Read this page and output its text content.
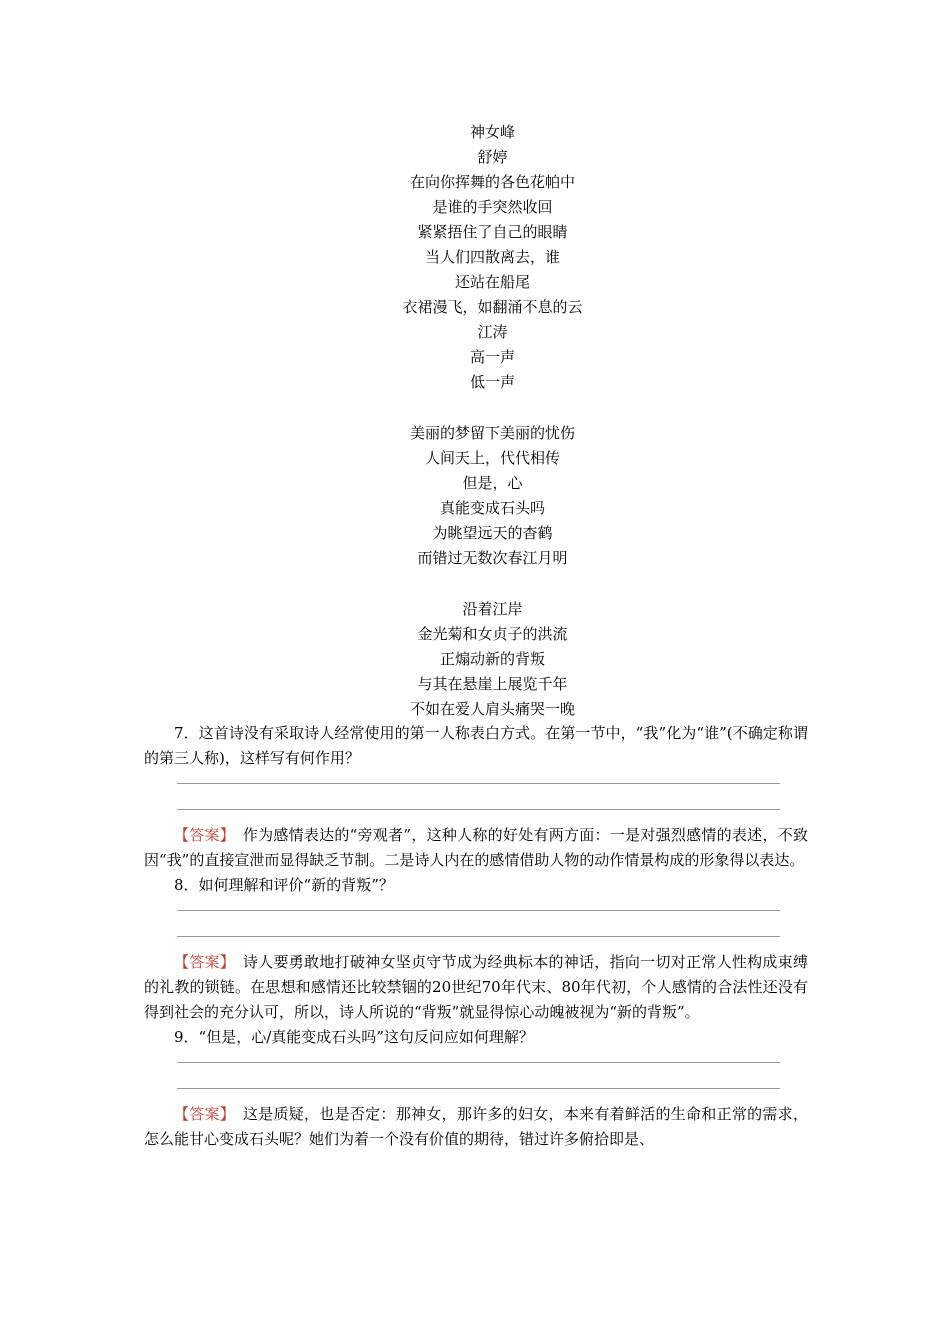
神女峰
舒婷
在向你挥舞的各色花帕中
是谁的手突然收回
紧紧捂住了自己的眼睛
当人们四散离去，谁
还站在船尾
衣裙漫飞，如翻涌不息的云
江涛
高一声
低一声
美丽的梦留下美丽的忧伤
人间天上，代代相传
但是，心
真能变成石头吗
为眺望远天的杳鹤
而错过无数次春江月明
沿着江岸
金光菊和女贞子的洪流
正煽动新的背叛
与其在悬崖上展览千年
不如在爱人肩头痛哭一晚

7．这首诗没有采取诗人经常使用的第一人称表白方式。在第一节中，“我”化为“谁”(不确定称谓的第三人称)，这样写有何作用？

【答案】　 作为感情表达的“旁观者”，这种人称的好处有两方面：一是对强烈感情的表述，不致因“我”的直接宣泄而显得缺乏节制。二是诗人内在的感情借助人物的动作情景构成的形象得以表达。

8．如何理解和评价“新的背叛”？

【答案】　 诗人要勇敢地打破神女坚贞守节成为经典标本的神话，指向一切对正常人性构成束缚的礼教的锁链。在思想和感情还比较禁锢的20世纪70年代末、80年代初，个人感情的合法性还没有得到社会的充分认可，所以，诗人所说的“背叛”就显得惊心动魄被视为“新的背叛”。

9．“但是，心/真能变成石头吗”这句反问应如何理解？

【答案】　 这是质疑，也是否定：那神女，那许多的妇女，本来有着鲜活的生命和正常的需求，怎么能甘心变成石头呢？她们为着一个没有价值的期待，错过许多俯拾即是、
